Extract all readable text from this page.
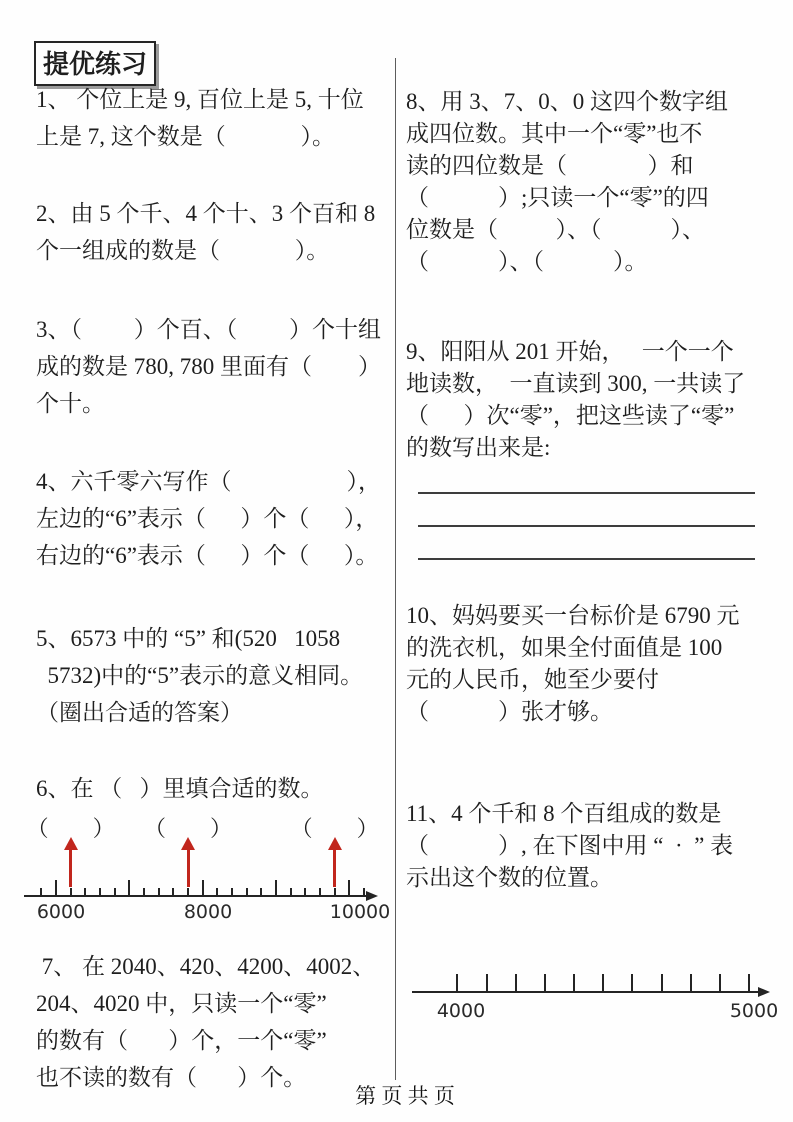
提优练习
1、 个位上是 9, 百位上是 5, 十位
上是 7, 这个数是（             ）。
2、由 5 个千、4 个十、3 个百和 8
个一组成的数是（             ）。
3、（         ）个百、（         ）个十组
成的数是 780, 780 里面有（        ）
个十。
4、六千零六写作（                    ），
左边的“6”表示（      ）个（      ），
右边的“6”表示（      ）个（      ）。
5、6573 中的 “5” 和(520   1058
5732)中的“5”表示的意义相同。
（圈出合适的答案）
6、在 （   ）里填合适的数。
7、 在 2040、420、4200、4002、
204、4020 中，只读一个“零”
的数有（       ）个，一个“零”
也不读的数有（       ）个。
8、用 3、7、0、0 这四个数字组
成四位数。其中一个“零”也不
读的四位数是（              ）和
（            ）;只读一个“零”的四
位数是（          ）、（            ）、
（            ）、（            ）。
9、阳阳从 201 开始，   一个一个
地读数，  一直读到 300, 一共读了
（      ）次“零”，把这些读了“零”
的数写出来是:
10、妈妈要买一台标价是 6790 元
的洗衣机，如果全付面值是 100
元的人民币，她至少要付
（            ）张才够。
11、4 个千和 8 个百组成的数是
（            ）, 在下图中用 “  ·  ” 表
示出这个数的位置。
6000	8000	10000
4000	5000
（        ） （        ）	（        ）
第 页 共 页
